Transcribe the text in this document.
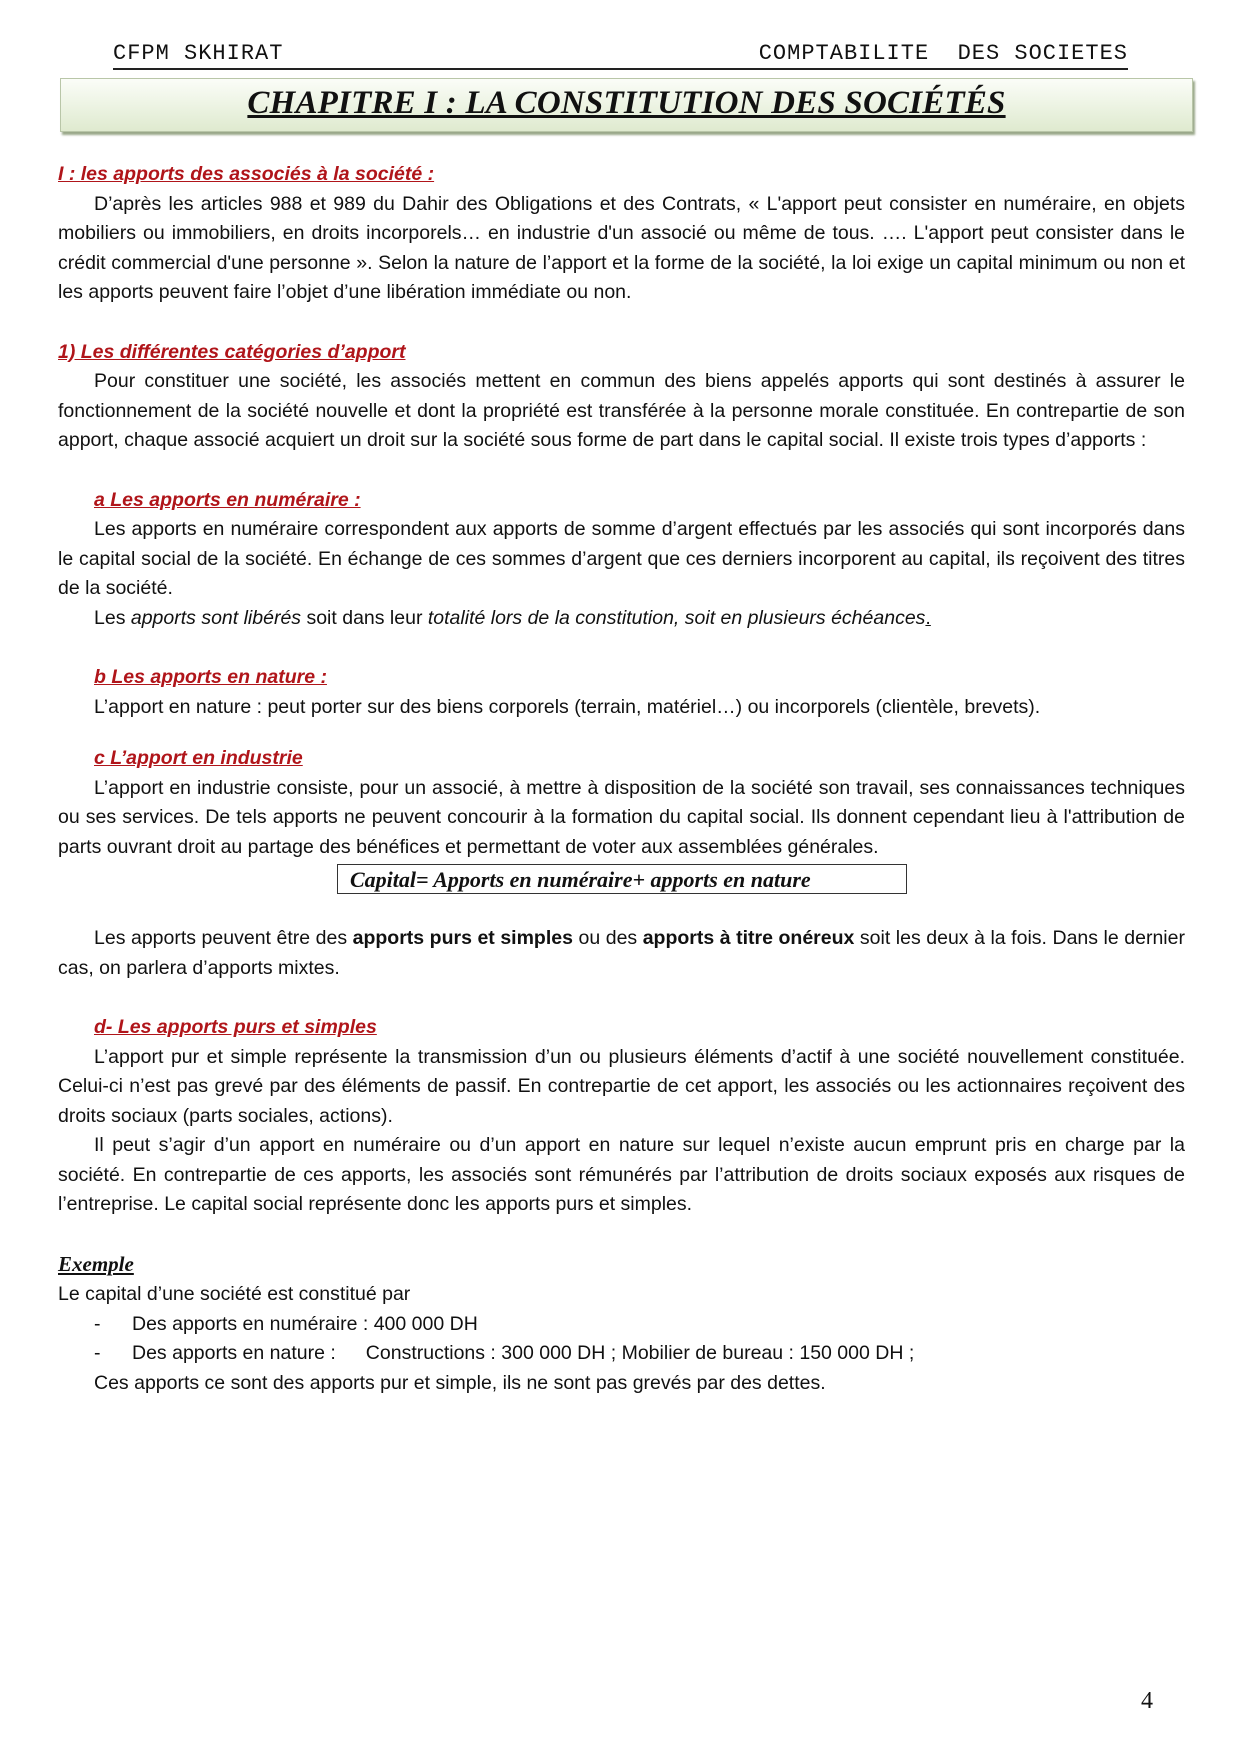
CFPM SKHIRAT	COMPTABILITE  DES SOCIETES
CHAPITRE I : LA CONSTITUTION DES SOCIÉTÉS

I : les apports des associés à la société :

D’après les articles 988 et 989 du Dahir des Obligations et des Contrats, « L'apport peut consister en numéraire, en objets mobiliers ou immobiliers, en droits incorporels… en industrie d'un associé ou même de tous. …. L'apport peut consister dans le crédit commercial d'une personne ». Selon la nature de l’apport et la forme de la société, la loi exige un capital minimum ou non et les apports peuvent faire l’objet d’une libération immédiate ou non.

1) Les différentes catégories d’apport

Pour constituer une société, les associés mettent en commun des biens appelés apports qui sont destinés à assurer le fonctionnement de la société nouvelle et dont la propriété est transférée à la personne morale constituée. En contrepartie de son apport, chaque associé acquiert un droit sur la société sous forme de part dans le capital social. Il existe trois types d’apports :

a Les apports en numéraire :

Les apports en numéraire correspondent aux apports de somme d’argent effectués par les associés qui sont incorporés dans le capital social de la société. En échange de ces sommes d’argent que ces derniers incorporent au capital, ils reçoivent des titres de la société.

Les apports sont libérés soit dans leur totalité lors de la constitution, soit en plusieurs échéances.

b Les apports en nature :

L’apport en nature : peut porter sur des biens corporels (terrain, matériel…) ou incorporels (clientèle, brevets).

c L’apport en industrie

L’apport en industrie consiste, pour un associé, à mettre à disposition de la société son travail, ses connaissances techniques ou ses services. De tels apports ne peuvent concourir à la formation du capital social. Ils donnent cependant lieu à l'attribution de parts ouvrant droit au partage des bénéfices et permettant de voter aux assemblées générales.

Capital= Apports en numéraire+ apports en nature

Les apports peuvent être des apports purs et simples ou des apports à titre onéreux soit les deux à la fois. Dans le dernier cas, on parlera d’apports mixtes.

d- Les apports purs et simples

L’apport pur et simple représente la transmission d’un ou plusieurs éléments d’actif à une société nouvellement constituée. Celui-ci n’est pas grevé par des éléments de passif. En contrepartie de cet apport, les associés ou les actionnaires reçoivent des droits sociaux (parts sociales, actions).

Il peut s’agir d’un apport en numéraire ou d’un apport en nature sur lequel n’existe aucun emprunt pris en charge par la société. En contrepartie de ces apports, les associés sont rémunérés par l’attribution de droits sociaux exposés aux risques de l’entreprise. Le capital social représente donc les apports purs et simples.

Exemple

Le capital d’une société est constitué par

- Des apports en numéraire : 400 000 DH

- Des apports en nature : Constructions : 300 000 DH ; Mobilier de bureau : 150 000 DH ;

Ces apports ce sont des apports pur et simple, ils ne sont pas grevés par des dettes.

4
